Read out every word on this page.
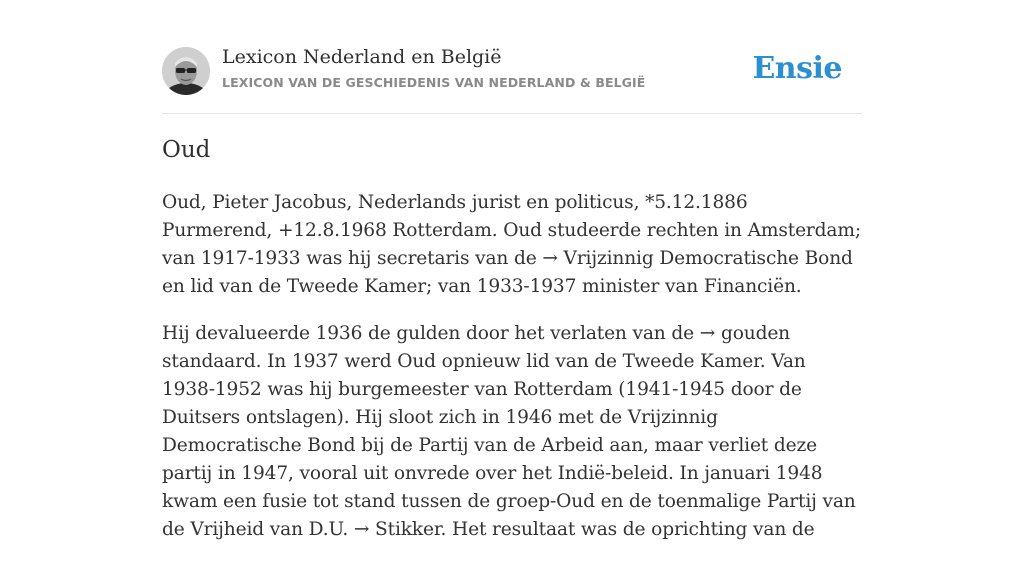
Lexicon Nederland en België
LEXICON VAN DE GESCHIEDENIS VAN NEDERLAND & BELGIË	Ensie
Oud

Oud, Pieter Jacobus, Nederlands jurist en politicus, *5.12.1886 Purmerend, +12.8.1968 Rotterdam. Oud studeerde rechten in Amsterdam; van 1917-1933 was hij secretaris van de → Vrijzinnig Democratische Bond en lid van de Tweede Kamer; van 1933-1937 minister van Financiën.

Hij devalueerde 1936 de gulden door het verlaten van de → gouden standaard. In 1937 werd Oud opnieuw lid van de Tweede Kamer. Van 1938-1952 was hij burgemeester van Rotterdam (1941-1945 door de Duitsers ontslagen). Hij sloot zich in 1946 met de Vrijzinnig Democratische Bond bij de Partij van de Arbeid aan, maar verliet deze partij in 1947, vooral uit onvrede over het Indië-beleid. In januari 1948 kwam een fusie tot stand tussen de groep-Oud en de toenmalige Partij van de Vrijheid van D.U. → Stikker. Het resultaat was de oprichting van de
